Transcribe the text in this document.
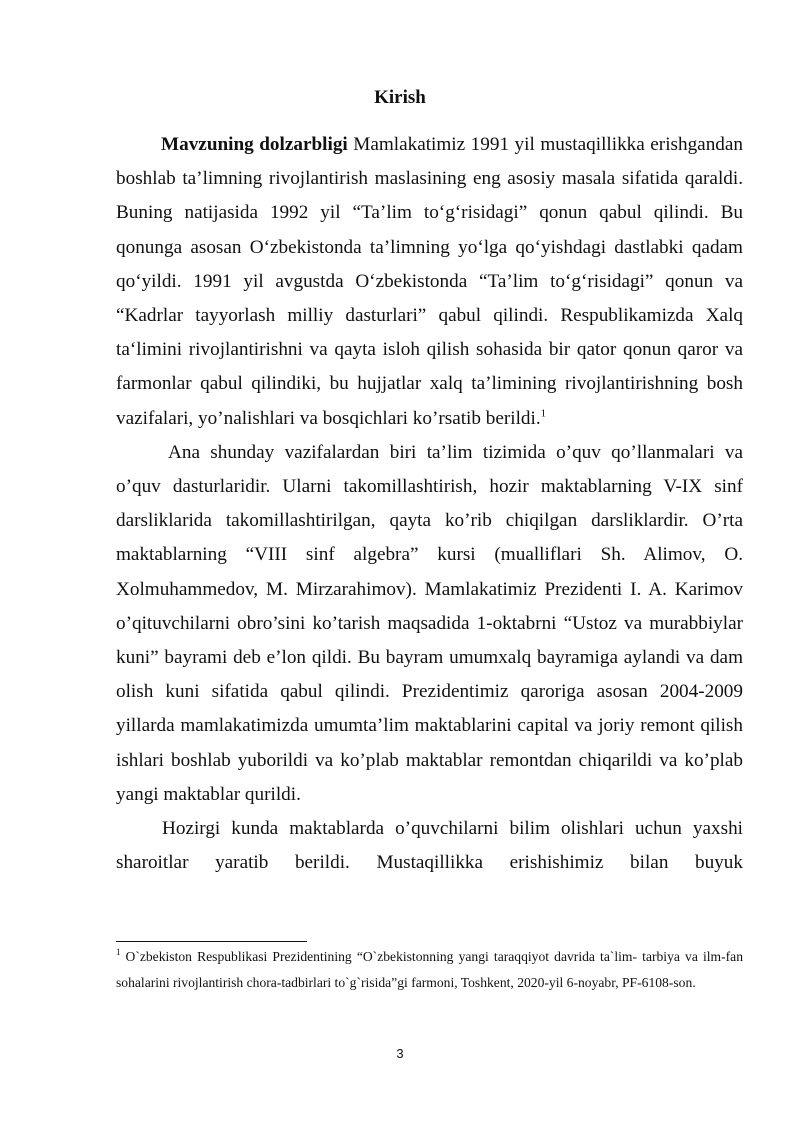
Kirish

Mavzuning dolzarbligi Mamlakatimiz 1991 yil mustaqillikka erishgandan boshlab ta’limning rivojlantirish maslasining eng asosiy masala sifatida qaraldi. Buning natijasida 1992 yil “Ta’lim to‘g‘risidagi” qonun qabul qilindi. Bu qonunga asosan O‘zbekistonda ta’limning yo‘lga qo‘yishdagi dastlabki qadam qo‘yildi. 1991 yil avgustda O‘zbekistonda “Ta’lim to‘g‘risidagi” qonun va “Kadrlar tayyorlash milliy dasturlari” qabul qilindi. Respublikamizda Xalq ta‘limini rivojlantirishni va qayta isloh qilish sohasida bir qator qonun qaror va farmonlar qabul qilindiki, bu hujjatlar xalq ta’limining rivojlantirishning bosh vazifalari, yo’nalishlari va bosqichlari ko’rsatib berildi.$^1$

Ana shunday vazifalardan biri ta’lim tizimida o’quv qo’llanmalari va o’quv dasturlaridir. Ularni takomillashtirish, hozir maktablarning V-IX sinf darsliklarida takomillashtirilgan, qayta ko’rib chiqilgan darsliklardir. O’rta maktablarning “VIII sinf algebra” kursi (mualliflari Sh. Alimov, O. Xolmuhammedov, M. Mirzarahimov). Mamlakatimiz Prezidenti I. A. Karimov o’qituvchilarni obro’sini ko’tarish maqsadida 1-oktabrni “Ustoz va murabbiylar kuni” bayrami deb e’lon qildi. Bu bayram umumxalq bayramiga aylandi va dam olish kuni sifatida qabul qilindi. Prezidentimiz qaroriga asosan 2004-2009 yillarda mamlakatimizda umumta’lim maktablarini capital va joriy remont qilish ishlari boshlab yuborildi va ko’plab maktablar remontdan chiqarildi va ko’plab yangi maktablar qurildi.

Hozirgi kunda maktablarda o’quvchilarni bilim olishlari uchun yaxshi sharoitlar yaratib berildi. Mustaqillikka erishishimiz bilan buyuk

$^1$ O`zbekiston Respublikasi Prezidentining “O`zbekistonning yangi taraqqiyot davrida ta`lim- tarbiya va ilm-fan sohalarini rivojlantirish chora-tadbirlari to`g`risida”gi farmoni, Toshkent, 2020-yil 6-noyabr, PF-6108-son.
3
